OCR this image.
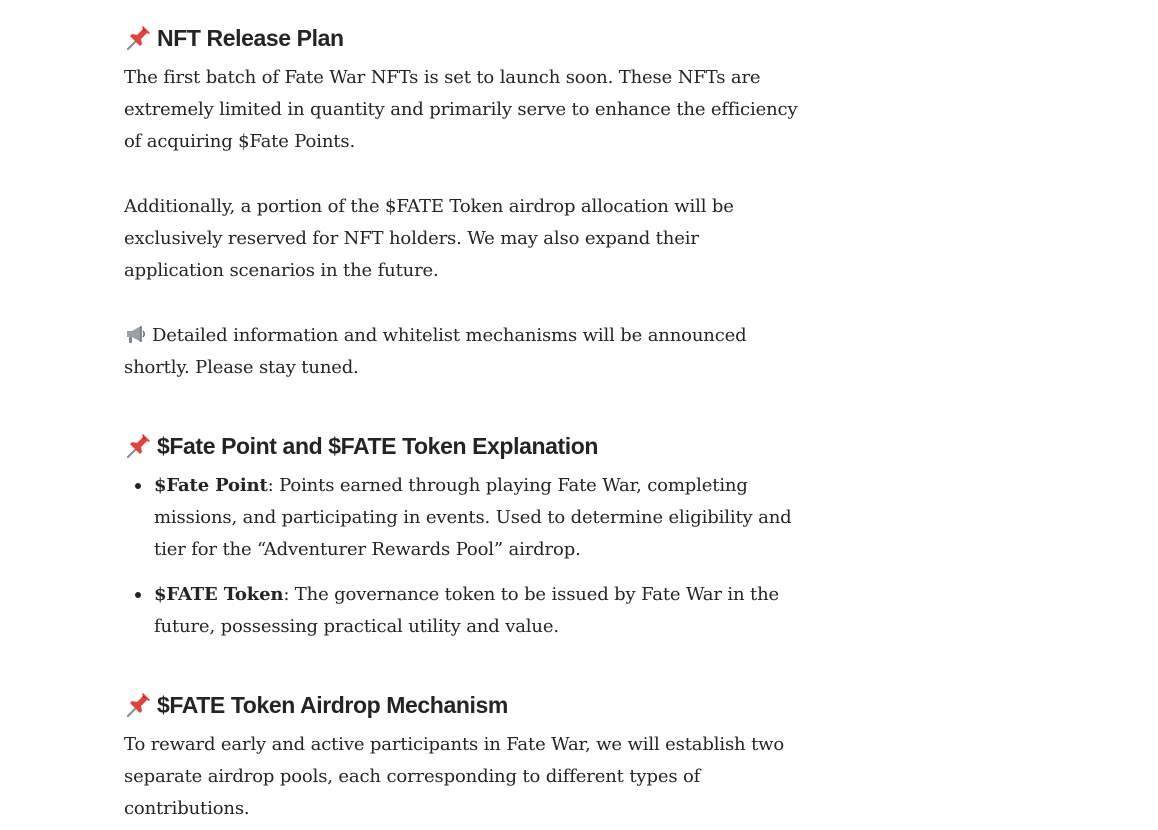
NFT Release Plan

The first batch of Fate War NFTs is set to launch soon. These NFTs are extremely limited in quantity and primarily serve to enhance the efficiency of acquiring $Fate Points.

Additionally, a portion of the $FATE Token airdrop allocation will be exclusively reserved for NFT holders. We may also expand their application scenarios in the future.

Detailed information and whitelist mechanisms will be announced shortly. Please stay tuned.

$Fate Point and $FATE Token Explanation
$Fate Point: Points earned through playing Fate War, completing missions, and participating in events. Used to determine eligibility and tier for the “Adventurer Rewards Pool” airdrop.
$FATE Token: The governance token to be issued by Fate War in the future, possessing practical utility and value.
$FATE Token Airdrop Mechanism

To reward early and active participants in Fate War, we will establish two separate airdrop pools, each corresponding to different types of contributions.
